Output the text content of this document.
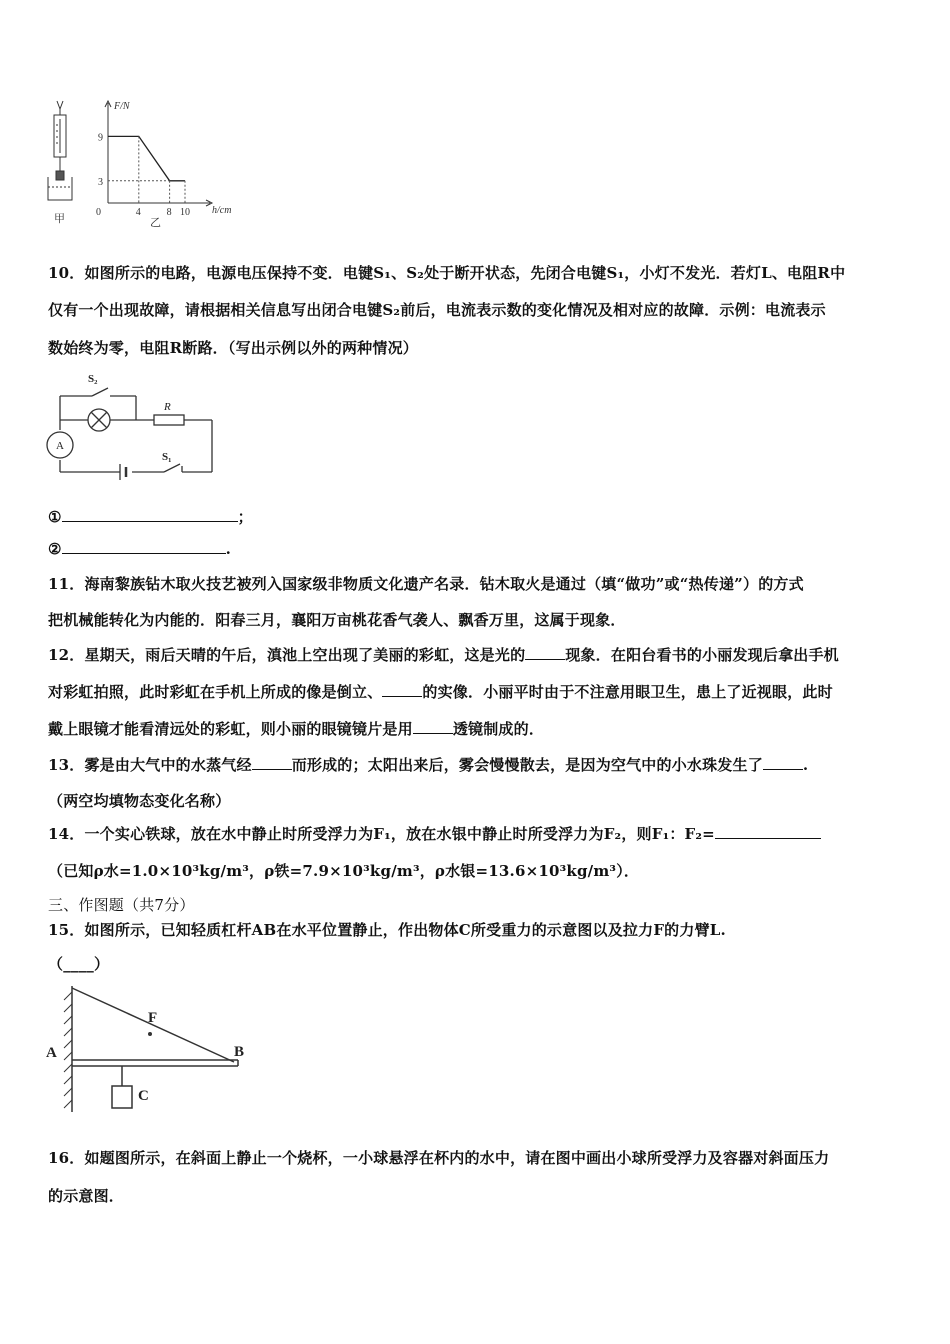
甲
F/N
h/cm
0	4	8 10
3
9
乙
10．如图所示的电路，电源电压保持不变．电键S₁、S₂处于断开状态，先闭合电键S₁，小灯不发光．若灯L、电阻R中
仅有一个出现故障，请根据相关信息写出闭合电键S₂前后，电流表示数的变化情况及相对应的故障．示例：电流表示
数始终为零，电阻R断路．（写出示例以外的两种情况）
A
S₂
R
S₁
①	；
②	.
11．海南黎族钻木取火技艺被列入国家级非物质文化遗产名录．钻木取火是通过（填“做功”或“热传递”）的方式
把机械能转化为内能的．阳春三月，襄阳万亩桃花香气袭人、飘香万里，这属于现象．
12．星期天，雨后天晴的午后，滇池上空出现了美丽的彩虹，这是光的	现象．在阳台看书的小丽发现后拿出手机
对彩虹拍照，此时彩虹在手机上所成的像是倒立、	的实像．小丽平时由于不注意用眼卫生，患上了近视眼，此时
戴上眼镜才能看清远处的彩虹，则小丽的眼镜镜片是用	透镜制成的．
13．雾是由大气中的水蒸气经	而形成的；太阳出来后，雾会慢慢散去，是因为空气中的小水珠发生了	.
（两空均填物态变化名称）
14．一个实心铁球，放在水中静止时所受浮力为F₁，放在水银中静止时所受浮力为F₂，则F₁：F₂=
（已知ρ水=1.0×10³kg/m³，ρ铁=7.9×10³kg/m³，ρ水银=13.6×10³kg/m³）．
三、作图题（共7分）
15．如图所示，已知轻质杠杆AB在水平位置静止，作出物体C所受重力的示意图以及拉力F的力臂L.
（____）
A	B
C
F
16．如题图所示，在斜面上静止一个烧杯，一小球悬浮在杯内的水中，请在图中画出小球所受浮力及容器对斜面压力
的示意图．
